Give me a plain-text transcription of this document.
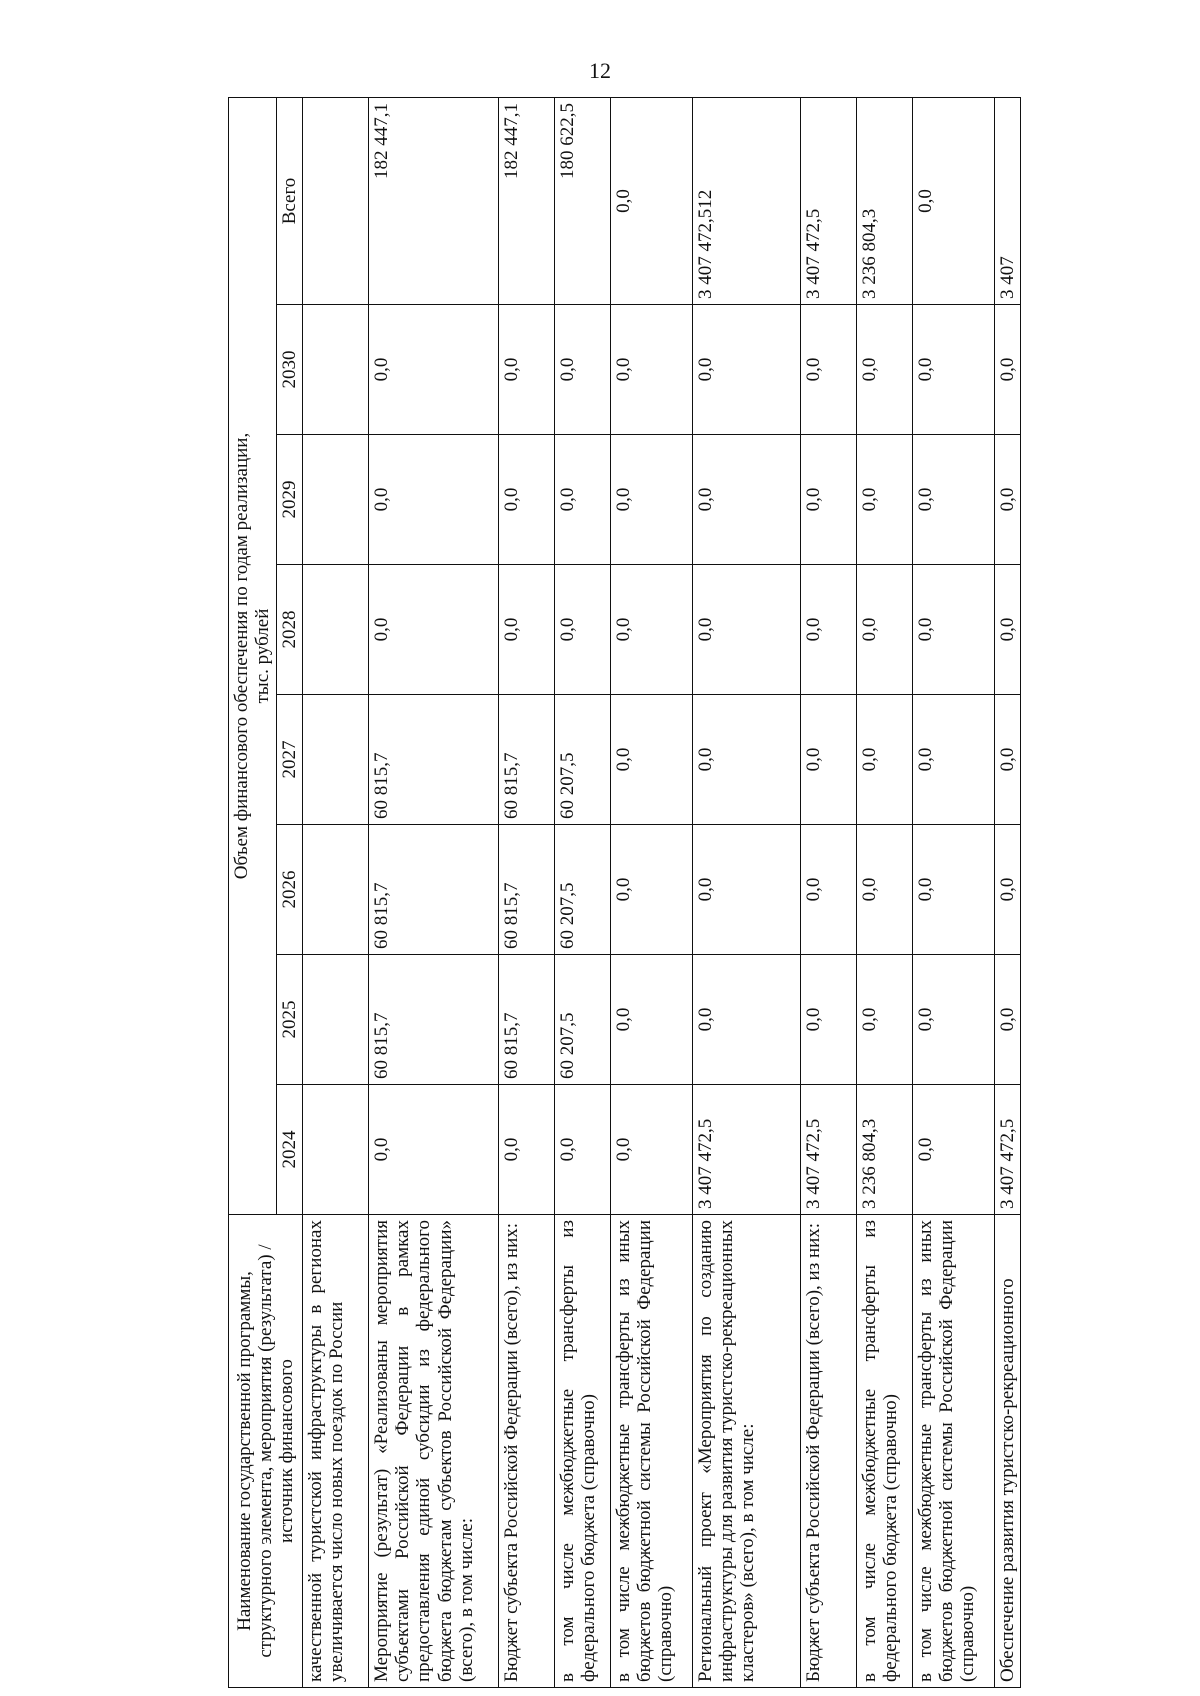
12
Наименование государственной программы, структурного элемента, мероприятия (результата) / источник финансового	Объем финансового обеспечения по годам реализации, тыс. рублей							

	2024	2025	2026	2027	2028	2029	2030	Всего
качественной туристской инфраструктуры в регионах увеличивается число новых поездок по России								
Мероприятие (результат) «Реализованы мероприятия субъектами Российской Федерации в рамках предоставления единой субсидии из федерального бюджета бюджетам субъектов Российской Федерации» (всего), в том числе:	0,0	60 815,7	60 815,7	60 815,7	0,0	0,0	0,0	182 447,1
Бюджет субъекта Российской Федерации (всего), из них:	0,0	60 815,7	60 815,7	60 815,7	0,0	0,0	0,0	182 447,1
в том числе межбюджетные трансферты из федерального бюджета (справочно)	0,0	60 207,5	60 207,5	60 207,5	0,0	0,0	0,0	180 622,5
в том числе межбюджетные трансферты из иных бюджетов бюджетной системы Российской Федерации (справочно)	0,0	0,0	0,0	0,0	0,0	0,0	0,0	0,0
Региональный проект «Мероприятия по созданию инфраструктуры для развития туристско-рекреационных кластеров» (всего), в том числе:	3 407 472,5	0,0	0,0	0,0	0,0	0,0	0,0	3 407 472,512
Бюджет субъекта Российской Федерации (всего), из них:	3 407 472,5	0,0	0,0	0,0	0,0	0,0	0,0	3 407 472,5
в том числе межбюджетные трансферты из федерального бюджета (справочно)	3 236 804,3	0,0	0,0	0,0	0,0	0,0	0,0	3 236 804,3
в том числе межбюджетные трансферты из иных бюджетов бюджетной системы Российской Федерации (справочно)	0,0	0,0	0,0	0,0	0,0	0,0	0,0	0,0
Обеспечение развития туристско-рекреационного	3 407 472,5	0,0	0,0	0,0	0,0	0,0	0,0	3 407
